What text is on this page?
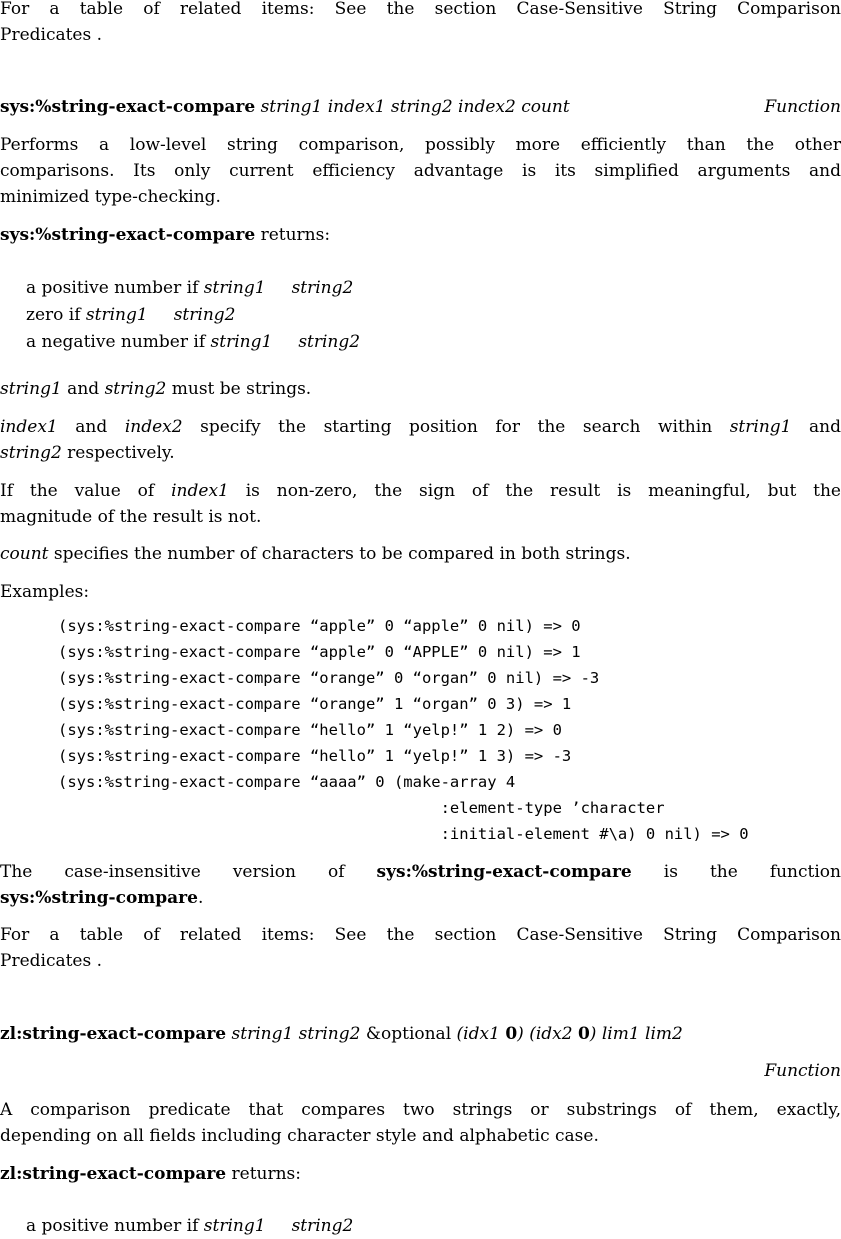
For a table of related items: See the section Case-Sensitive String Comparison
Predicates .
sys:%string-exact-compare string1 index1 string2 index2 count	Function
Performs a low-level string comparison, possibly more efficiently than the other
comparisons. Its only current efficiency advantage is its simplified arguments and
minimized type-checking.
sys:%string-exact-compare returns:
a positive number if string1 string2
zero if string1 string2
a negative number if string1 string2
string1 and string2 must be strings.
index1 and index2 specify the starting position for the search within string1 and
string2 respectively.
If the value of index1 is non-zero, the sign of the result is meaningful, but the
magnitude of the result is not.
count specifies the number of characters to be compared in both strings.
Examples:
(sys:%string-exact-compare “apple” 0 “apple” 0 nil) => 0
(sys:%string-exact-compare “apple” 0 “APPLE” 0 nil) => 1
(sys:%string-exact-compare “orange” 0 “organ” 0 nil) => -3
(sys:%string-exact-compare “orange” 1 “organ” 0 3) => 1
(sys:%string-exact-compare “hello” 1 “yelp!” 1 2) => 0
(sys:%string-exact-compare “hello” 1 “yelp!” 1 3) => -3
(sys:%string-exact-compare “aaaa” 0 (make-array 4
:element-type ’character
:initial-element #\a) 0 nil) => 0
The case-insensitive version of sys:%string-exact-compare is the function
sys:%string-compare.
For a table of related items: See the section Case-Sensitive String Comparison
Predicates .
zl:string-exact-compare string1 string2 &optional (idx1 0) (idx2 0) lim1 lim2
Function
A comparison predicate that compares two strings or substrings of them, exactly,
depending on all fields including character style and alphabetic case.
zl:string-exact-compare returns:
a positive number if string1 string2
